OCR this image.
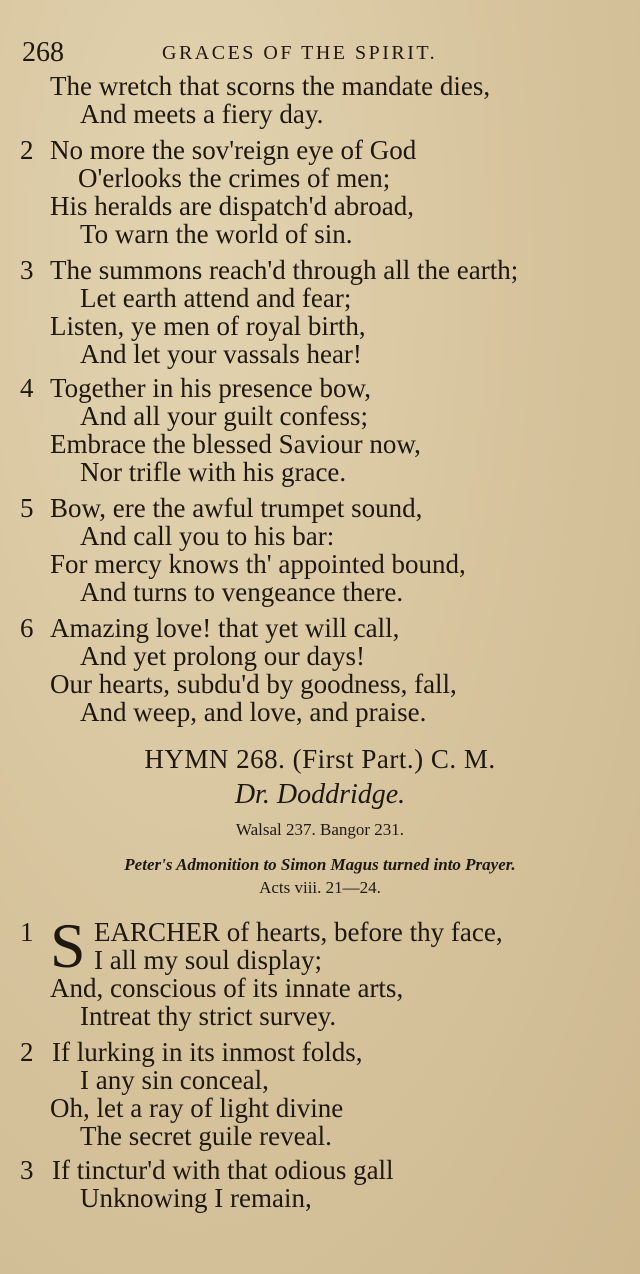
268	GRACES OF THE SPIRIT.
The wretch that scorns the mandate dies,
And meets a fiery day.
2 No more the sov'reign eye of God
O'erlooks the crimes of men;
His heralds are dispatch'd abroad,
To warn the world of sin.
3 The summons reach'd through all the earth;
Let earth attend and fear;
Listen, ye men of royal birth,
And let your vassals hear!
4 Together in his presence bow,
And all your guilt confess;
Embrace the blessed Saviour now,
Nor trifle with his grace.
5 Bow, ere the awful trumpet sound,
And call you to his bar:
For mercy knows th' appointed bound,
And turns to vengeance there.
6 Amazing love! that yet will call,
And yet prolong our days!
Our hearts, subdu'd by goodness, fall,
And weep, and love, and praise.
HYMN 268. (First Part.) C. M.
Dr. Doddridge.
Walsal 237. Bangor 231.
Peter's Admonition to Simon Magus turned into Prayer.
Acts viii. 21—24.
1 S EARCHER of hearts, before thy face,
I all my soul display;
And, conscious of its innate arts,
Intreat thy strict survey.
2 If lurking in its inmost folds,
I any sin conceal,
Oh, let a ray of light divine
The secret guile reveal.
3 If tinctur'd with that odious gall
Unknowing I remain,
